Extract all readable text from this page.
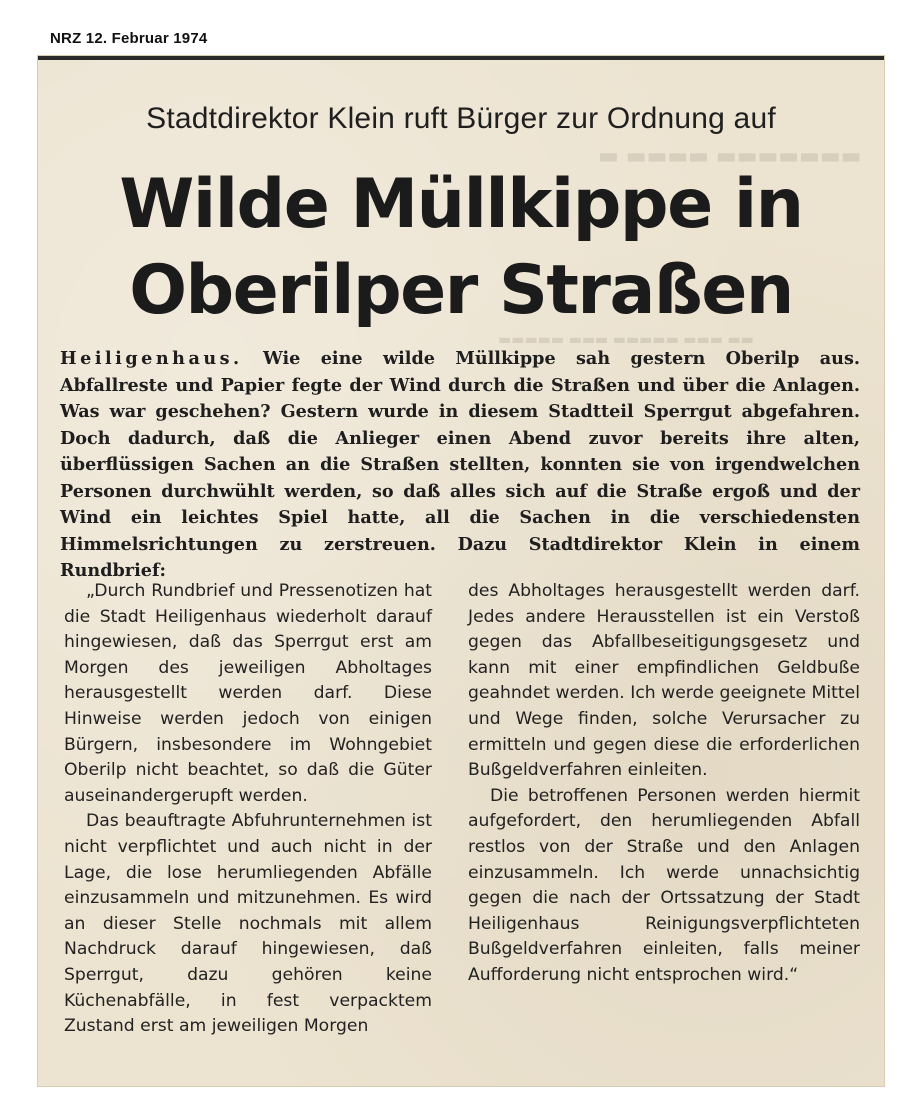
NRZ 12. Februar 1974
▬ ▬▬▬▬ ▬▬▬▬▬▬▬
▬▬▬▬▬ ▬▬▬ ▬▬▬▬▬ ▬▬▬ ▬▬
Stadtdirektor Klein ruft Bürger zur Ordnung auf
Wilde Müllkippe in
Oberilper Straßen
Heiligenhaus. Wie eine wilde Müllkippe sah gestern Oberilp aus. Abfallreste und Papier fegte der Wind durch die Straßen und über die Anlagen. Was war geschehen? Gestern wurde in diesem Stadtteil Sperrgut abgefahren. Doch dadurch, daß die Anlieger einen Abend zuvor bereits ihre alten, überflüssigen Sachen an die Straßen stellten, konnten sie von irgendwelchen Personen durchwühlt werden, so daß alles sich auf die Straße ergoß und der Wind ein leichtes Spiel hatte, all die Sachen in die verschiedensten Himmelsrichtungen zu zerstreuen. Dazu Stadtdirektor Klein in einem Rundbrief:

„Durch Rundbrief und Pressenotizen hat die Stadt Heiligenhaus wiederholt darauf hingewiesen, daß das Sperrgut erst am Morgen des jeweiligen Abholtages herausgestellt werden darf. Diese Hinweise werden jedoch von einigen Bürgern, insbesondere im Wohngebiet Oberilp nicht beachtet, so daß die Güter auseinandergerupft werden.

Das beauftragte Abfuhrunternehmen ist nicht verpflichtet und auch nicht in der Lage, die lose herumliegenden Abfälle einzusammeln und mitzunehmen. Es wird an dieser Stelle nochmals mit allem Nachdruck darauf hingewiesen, daß Sperrgut, dazu gehören keine Küchenabfälle, in fest verpacktem Zustand erst am jeweiligen Morgen

des Abholtages herausgestellt werden darf. Jedes andere Herausstellen ist ein Verstoß gegen das Abfallbeseitigungsgesetz und kann mit einer empfindlichen Geldbuße geahndet werden. Ich werde geeignete Mittel und Wege finden, solche Verursacher zu ermitteln und gegen diese die erforderlichen Bußgeldverfahren einleiten.

Die betroffenen Personen werden hiermit aufgefordert, den herumliegenden Abfall restlos von der Straße und den Anlagen einzusammeln. Ich werde unnachsichtig gegen die nach der Ortssatzung der Stadt Heiligenhaus Reinigungsverpflichteten Bußgeldverfahren einleiten, falls meiner Aufforderung nicht entsprochen wird.“
